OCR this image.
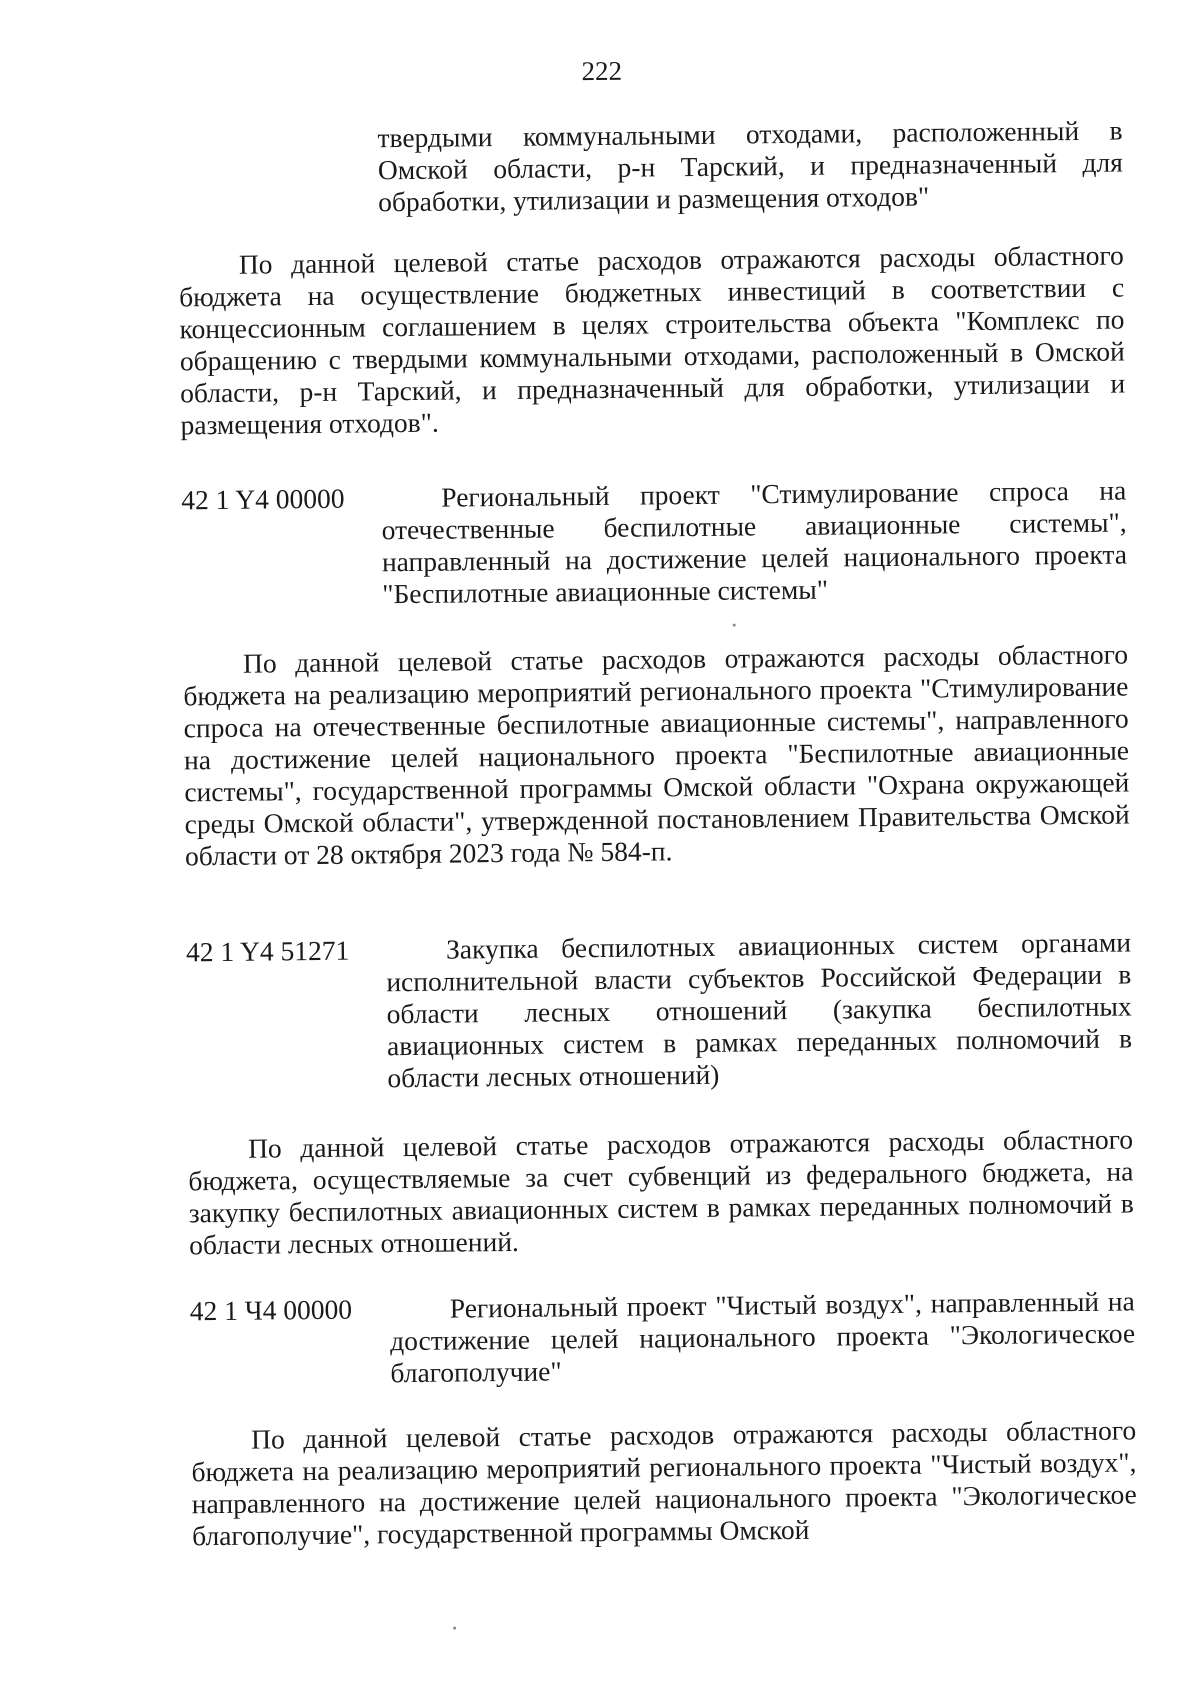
222
твердыми коммунальными отходами, расположенный в Омской области, р-н Тарский, и предназначенный для обработки, утилизации и размещения отходов"
По данной целевой статье расходов отражаются расходы областного бюджета на осуществление бюджетных инвестиций в соответствии с концессионным соглашением в целях строительства объекта "Комплекс по обращению с твердыми коммунальными отходами, расположенный в Омской области, р-н Тарский, и предназначенный для обработки, утилизации и размещения отходов".
42 1 Y4 00000	Региональный проект "Стимулирование спроса на отечественные беспилотные авиационные системы", направленный на достижение целей национального проекта "Беспилотные авиационные системы"
По данной целевой статье расходов отражаются расходы областного бюджета на реализацию мероприятий регионального проекта "Стимулирование спроса на отечественные беспилотные авиационные системы", направленного на достижение целей национального проекта "Беспилотные авиационные системы", государственной программы Омской области "Охрана окружающей среды Омской области", утвержденной постановлением Правительства Омской области от 28 октября 2023 года № 584-п.
42 1 Y4 51271	Закупка беспилотных авиационных систем органами исполнительной власти субъектов Российской Федерации в области лесных отношений (закупка беспилотных авиационных систем в рамках переданных полномочий в области лесных отношений)
По данной целевой статье расходов отражаются расходы областного бюджета, осуществляемые за счет субвенций из федерального бюджета, на закупку беспилотных авиационных систем в рамках переданных полномочий в области лесных отношений.
42 1 Ч4 00000	Региональный проект "Чистый воздух", направленный на достижение целей национального проекта "Экологическое благополучие"
По данной целевой статье расходов отражаются расходы областного бюджета на реализацию мероприятий регионального проекта "Чистый воздух", направленного на достижение целей национального проекта "Экологическое благополучие", государственной программы Омской
